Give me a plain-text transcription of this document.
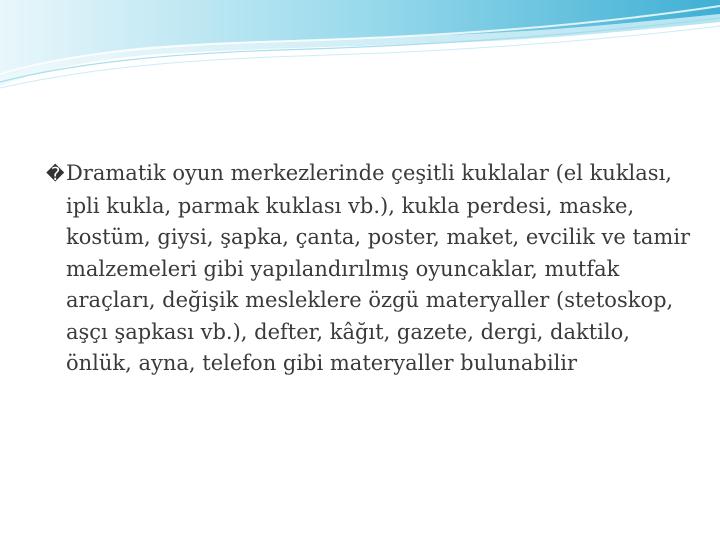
�Dramatik oyun merkezlerinde çeşitli kuklalar (el kuklası, ipli kukla, parmak kuklası vb.), kukla perdesi, maske, kostüm, giysi, şapka, çanta, poster, maket, evcilik ve tamir malzemeleri gibi yapılandırılmış oyuncaklar, mutfak araçları, değişik mesleklere özgü materyaller (stetoskop, aşçı şapkası vb.), defter, kâğıt, gazete, dergi, daktilo, önlük, ayna, telefon gibi materyaller bulunabilir
